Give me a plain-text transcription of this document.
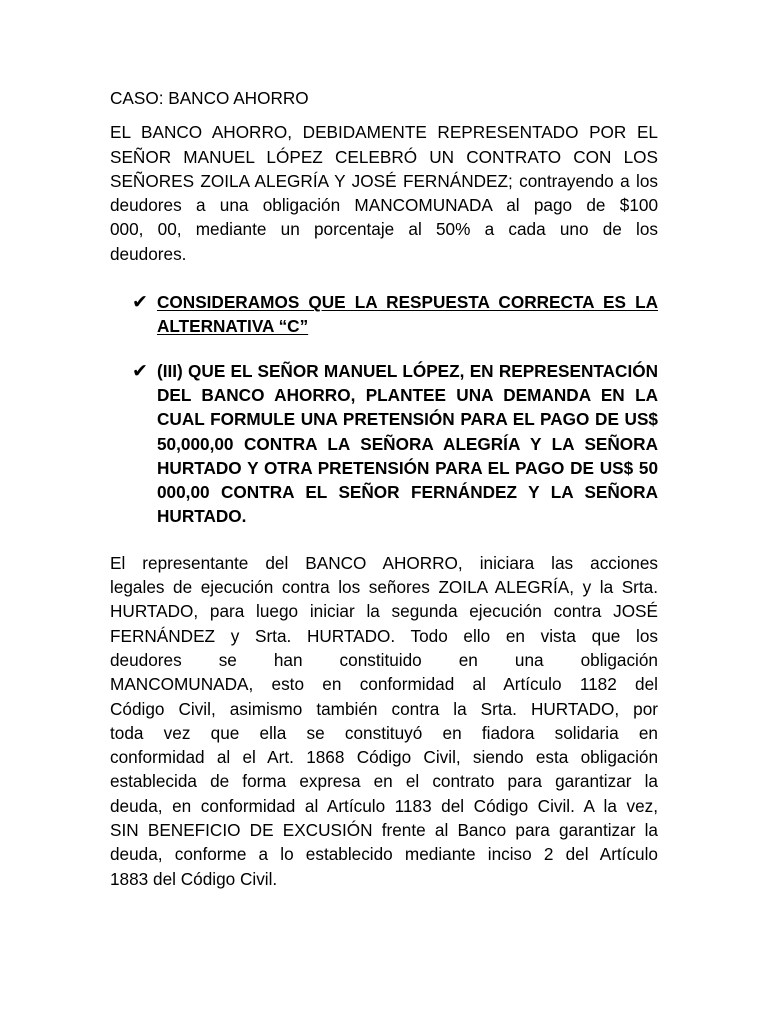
CASO: BANCO AHORRO

EL BANCO AHORRO, DEBIDAMENTE REPRESENTADO POR EL
SEÑOR MANUEL LÓPEZ CELEBRÓ UN CONTRATO CON LOS
SEÑORES ZOILA ALEGRÍA Y JOSÉ FERNÁNDEZ; contrayendo a los
deudores a una obligación MANCOMUNADA al pago de $100
000, 00, mediante un porcentaje al 50% a cada uno de los
deudores.
✔ CONSIDERAMOS QUE LA RESPUESTA CORRECTA ES LA
ALTERNATIVA “C”
✔ (III) QUE EL SEÑOR MANUEL LÓPEZ, EN REPRESENTACIÓN
DEL BANCO AHORRO, PLANTEE UNA DEMANDA EN LA
CUAL FORMULE UNA PRETENSIÓN PARA EL PAGO DE US$
50,000,00 CONTRA LA SEÑORA ALEGRÍA Y LA SEÑORA
HURTADO Y OTRA PRETENSIÓN PARA EL PAGO DE US$ 50
000,00 CONTRA EL SEÑOR FERNÁNDEZ Y LA SEÑORA
HURTADO.
El representante del BANCO AHORRO, iniciara las acciones
legales de ejecución contra los señores ZOILA ALEGRÍA, y la Srta.
HURTADO, para luego iniciar la segunda ejecución contra JOSÉ
FERNÁNDEZ y Srta. HURTADO. Todo ello en vista que los
deudores se han constituido en una obligación
MANCOMUNADA, esto en conformidad al Artículo 1182 del
Código Civil, asimismo también contra la Srta. HURTADO, por
toda vez que ella se constituyó en fiadora solidaria en
conformidad al el Art. 1868 Código Civil, siendo esta obligación
establecida de forma expresa en el contrato para garantizar la
deuda, en conformidad al Artículo 1183 del Código Civil. A la vez,
SIN BENEFICIO DE EXCUSIÓN frente al Banco para garantizar la
deuda, conforme a lo establecido mediante inciso 2 del Artículo
1883 del Código Civil.
